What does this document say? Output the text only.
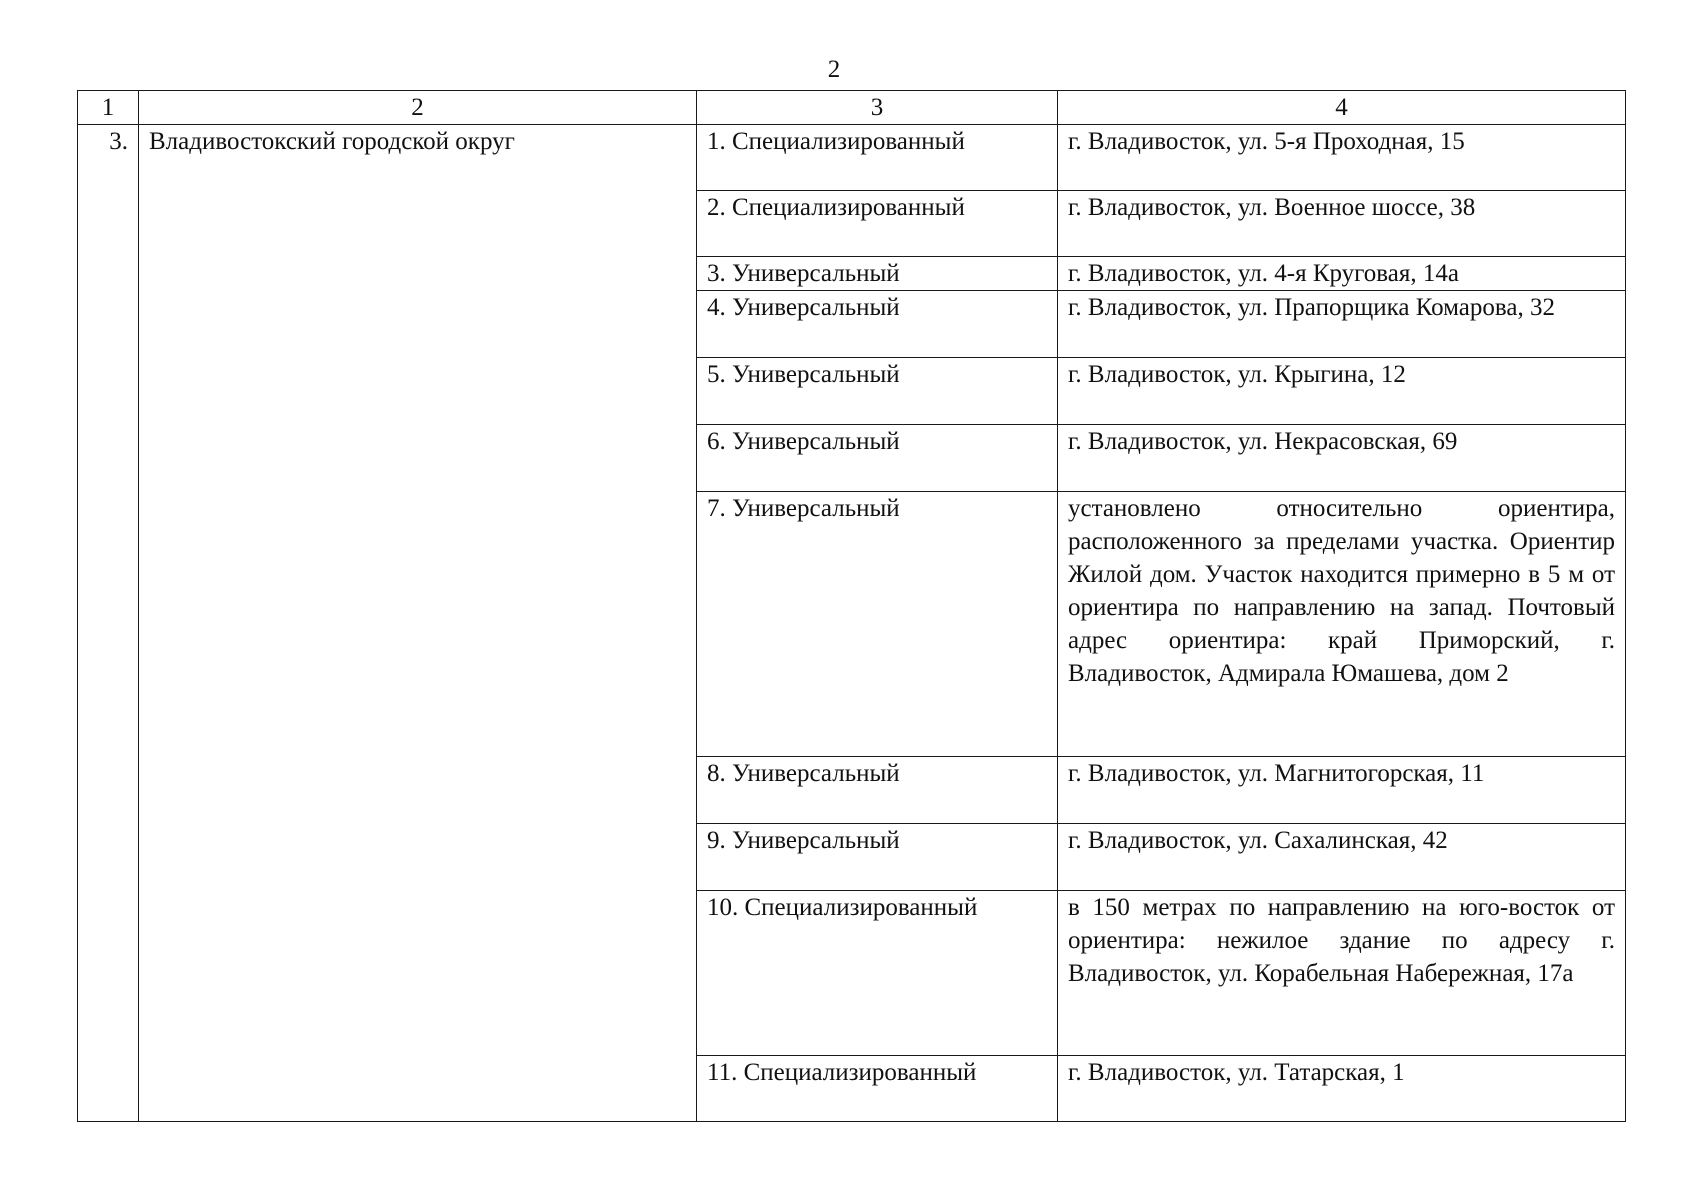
2
1	2	3	4
3.	Владивостокский городской округ	1. Специализированный	г. Владивосток, ул. 5-я Проходная, 15
		2. Специализированный	г. Владивосток, ул. Военное шоссе, 38
		3. Универсальный	г. Владивосток, ул. 4-я Круговая, 14а
		4. Универсальный	г. Владивосток, ул. Прапорщика Комарова, 32
		5. Универсальный	г. Владивосток, ул. Крыгина, 12
		6. Универсальный	г. Владивосток, ул. Некрасовская, 69
		7. Универсальный	установлено относительно ориентира, расположенного за пределами участка. Ориентир Жилой дом. Участок находится примерно в 5 м от ориентира по направлению на запад. Почтовый адрес ориентира: край Приморский, г. Владивосток, Адмирала Юмашева, дом 2
		8. Универсальный	г. Владивосток, ул. Магнитогорская, 11
		9. Универсальный	г. Владивосток, ул. Сахалинская, 42
		10. Специализированный	в 150 метрах по направлению на юго-восток от ориентира: нежилое здание по адресу г. Владивосток, ул. Корабельная Набережная, 17а
		11. Специализированный	г. Владивосток, ул. Татарская, 1
